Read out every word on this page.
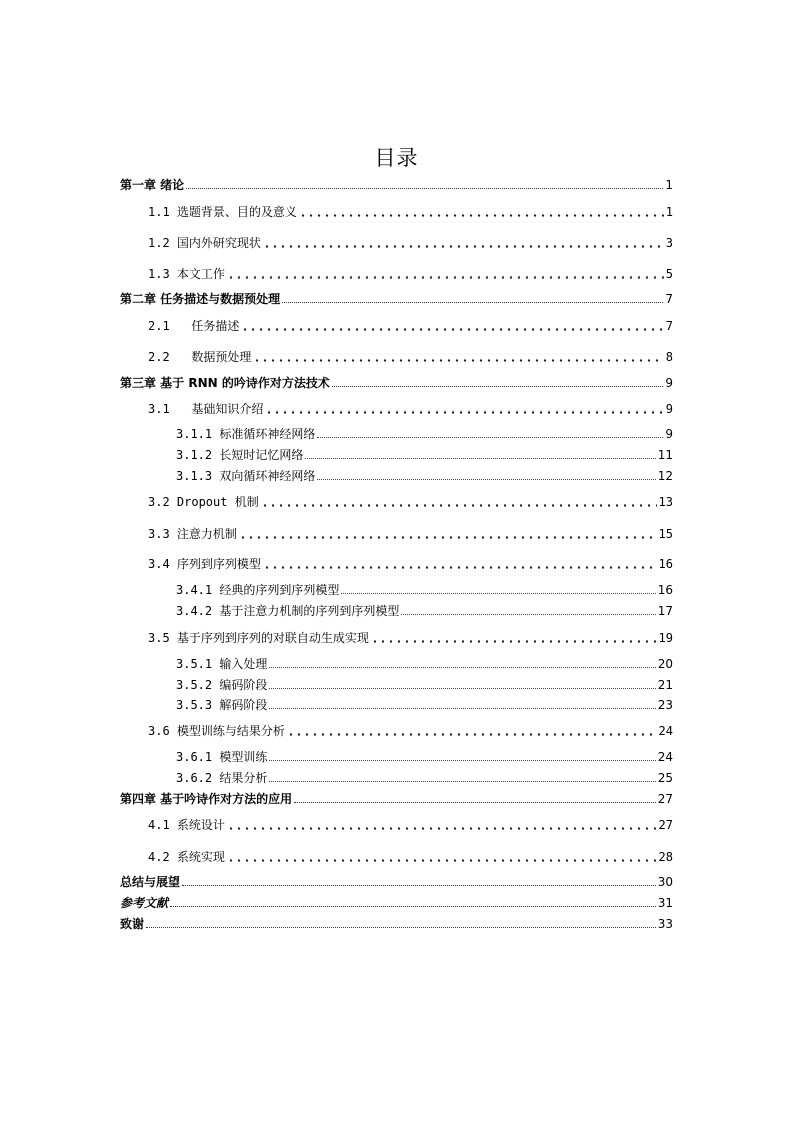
目录
第一章 绪论	1
1.1 选题背景、目的及意义	1
1.2 国内外研究现状	3
1.3 本文工作	5
第二章 任务描述与数据预处理	7
2.1   任务描述	7
2.2   数据预处理	8
第三章 基于 RNN 的吟诗作对方法技术	9
3.1   基础知识介绍	9
3.1.1 标准循环神经网络	9
3.1.2 长短时记忆网络	11
3.1.3 双向循环神经网络	12
3.2 Dropout 机制	13
3.3 注意力机制	15
3.4 序列到序列模型	16
3.4.1 经典的序列到序列模型	16
3.4.2 基于注意力机制的序列到序列模型	17
3.5 基于序列到序列的对联自动生成实现	19
3.5.1 输入处理	20
3.5.2 编码阶段	21
3.5.3 解码阶段	23
3.6 模型训练与结果分析	24
3.6.1 模型训练	24
3.6.2 结果分析	25
第四章 基于吟诗作对方法的应用	27
4.1 系统设计	27
4.2 系统实现	28
总结与展望	30
参考文献	31
致谢	33
